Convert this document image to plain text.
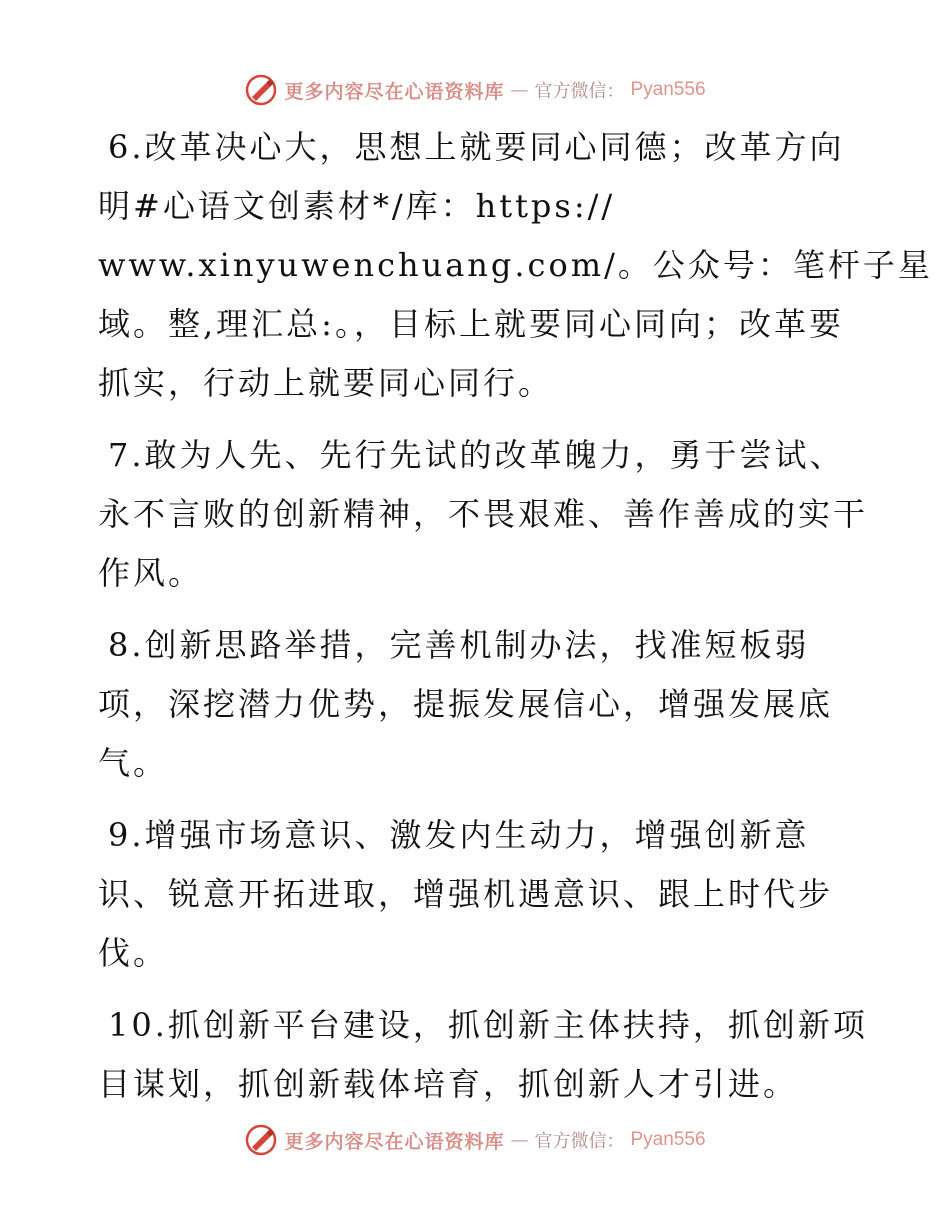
更多内容尽在心语资料库 — 官方微信： Pyan556
6.改革决心大，思想上就要同心同德；改革方向
明#心语文创素材*/库：https://
www.xinyuwenchuang.com/。公众号：笔杆子星
域。整,理汇总:。，目标上就要同心同向；改革要
抓实，行动上就要同心同行。
7.敢为人先、先行先试的改革魄力，勇于尝试、
永不言败的创新精神，不畏艰难、善作善成的实干
作风。
8.创新思路举措，完善机制办法，找准短板弱
项，深挖潜力优势，提振发展信心，增强发展底
气。
9.增强市场意识、激发内生动力，增强创新意
识、锐意开拓进取，增强机遇意识、跟上时代步
伐。
10.抓创新平台建设，抓创新主体扶持，抓创新项
目谋划，抓创新载体培育，抓创新人才引进。
更多内容尽在心语资料库 — 官方微信： Pyan556
